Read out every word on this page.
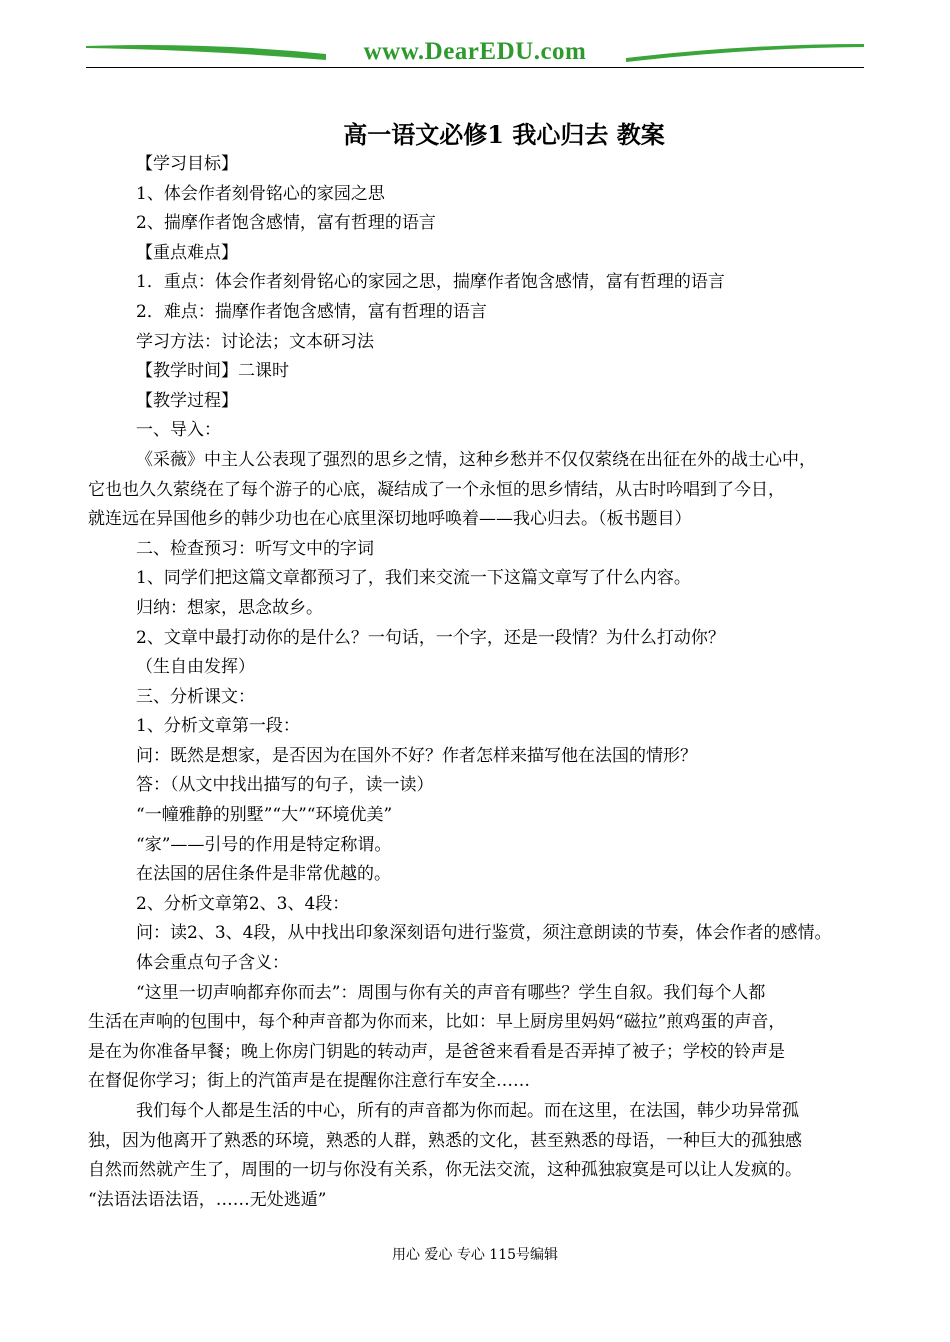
www.DearEDU.com
高一语文必修1 我心归去 教案
【学习目标】
1、体会作者刻骨铭心的家园之思
2、揣摩作者饱含感情，富有哲理的语言
【重点难点】
1．重点：体会作者刻骨铭心的家园之思，揣摩作者饱含感情，富有哲理的语言
2．难点：揣摩作者饱含感情，富有哲理的语言
学习方法：讨论法；文本研习法
【教学时间】二课时
【教学过程】
一、导入：
《采薇》中主人公表现了强烈的思乡之情，这种乡愁并不仅仅萦绕在出征在外的战士心中，
它也也久久萦绕在了每个游子的心底，凝结成了一个永恒的思乡情结，从古时吟唱到了今日，
就连远在异国他乡的韩少功也在心底里深切地呼唤着——我心归去。（板书题目）
二、检查预习：听写文中的字词
1、同学们把这篇文章都预习了，我们来交流一下这篇文章写了什么内容。
归纳：想家，思念故乡。
2、文章中最打动你的是什么？一句话，一个字，还是一段情？为什么打动你？
（生自由发挥）
三、分析课文：
1、分析文章第一段：
问：既然是想家，是否因为在国外不好？作者怎样来描写他在法国的情形？
答：（从文中找出描写的句子，读一读）
“一幢雅静的别墅”“大”“环境优美”
“家”——引号的作用是特定称谓。
在法国的居住条件是非常优越的。
2、分析文章第2、3、4段：
问：读2、3、4段，从中找出印象深刻语句进行鉴赏，须注意朗读的节奏，体会作者的感情。
体会重点句子含义：
“这里一切声响都弃你而去”：周围与你有关的声音有哪些？学生自叙。我们每个人都
生活在声响的包围中，每个种声音都为你而来，比如：早上厨房里妈妈“磁拉”煎鸡蛋的声音，
是在为你准备早餐；晚上你房门钥匙的转动声，是爸爸来看看是否弄掉了被子；学校的铃声是
在督促你学习；街上的汽笛声是在提醒你注意行车安全……
我们每个人都是生活的中心，所有的声音都为你而起。而在这里，在法国，韩少功异常孤
独，因为他离开了熟悉的环境，熟悉的人群，熟悉的文化，甚至熟悉的母语，一种巨大的孤独感
自然而然就产生了，周围的一切与你没有关系，你无法交流，这种孤独寂寞是可以让人发疯的。
“法语法语法语，……无处逃遁”
用心 爱心 专心 115号编辑
